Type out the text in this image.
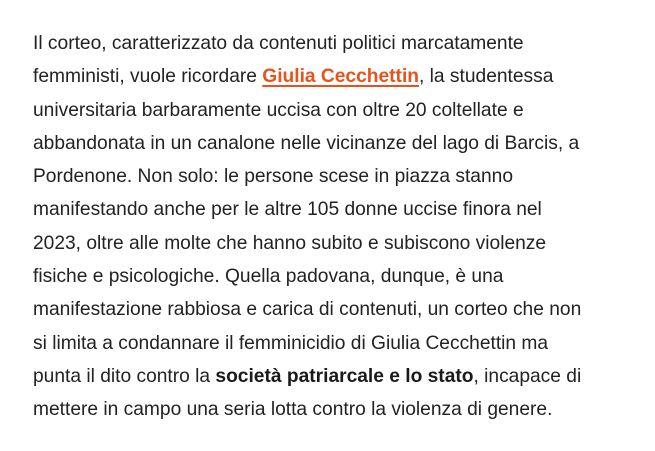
Il corteo, caratterizzato da contenuti politici marcatamente
femministi, vuole ricordare Giulia Cecchettin, la studentessa
universitaria barbaramente uccisa con oltre 20 coltellate e
abbandonata in un canalone nelle vicinanze del lago di Barcis, a
Pordenone. Non solo: le persone scese in piazza stanno
manifestando anche per le altre 105 donne uccise finora nel
2023, oltre alle molte che hanno subito e subiscono violenze
fisiche e psicologiche. Quella padovana, dunque, è una
manifestazione rabbiosa e carica di contenuti, un corteo che non
si limita a condannare il femminicidio di Giulia Cecchettin ma
punta il dito contro la società patriarcale e lo stato, incapace di
mettere in campo una seria lotta contro la violenza di genere.
